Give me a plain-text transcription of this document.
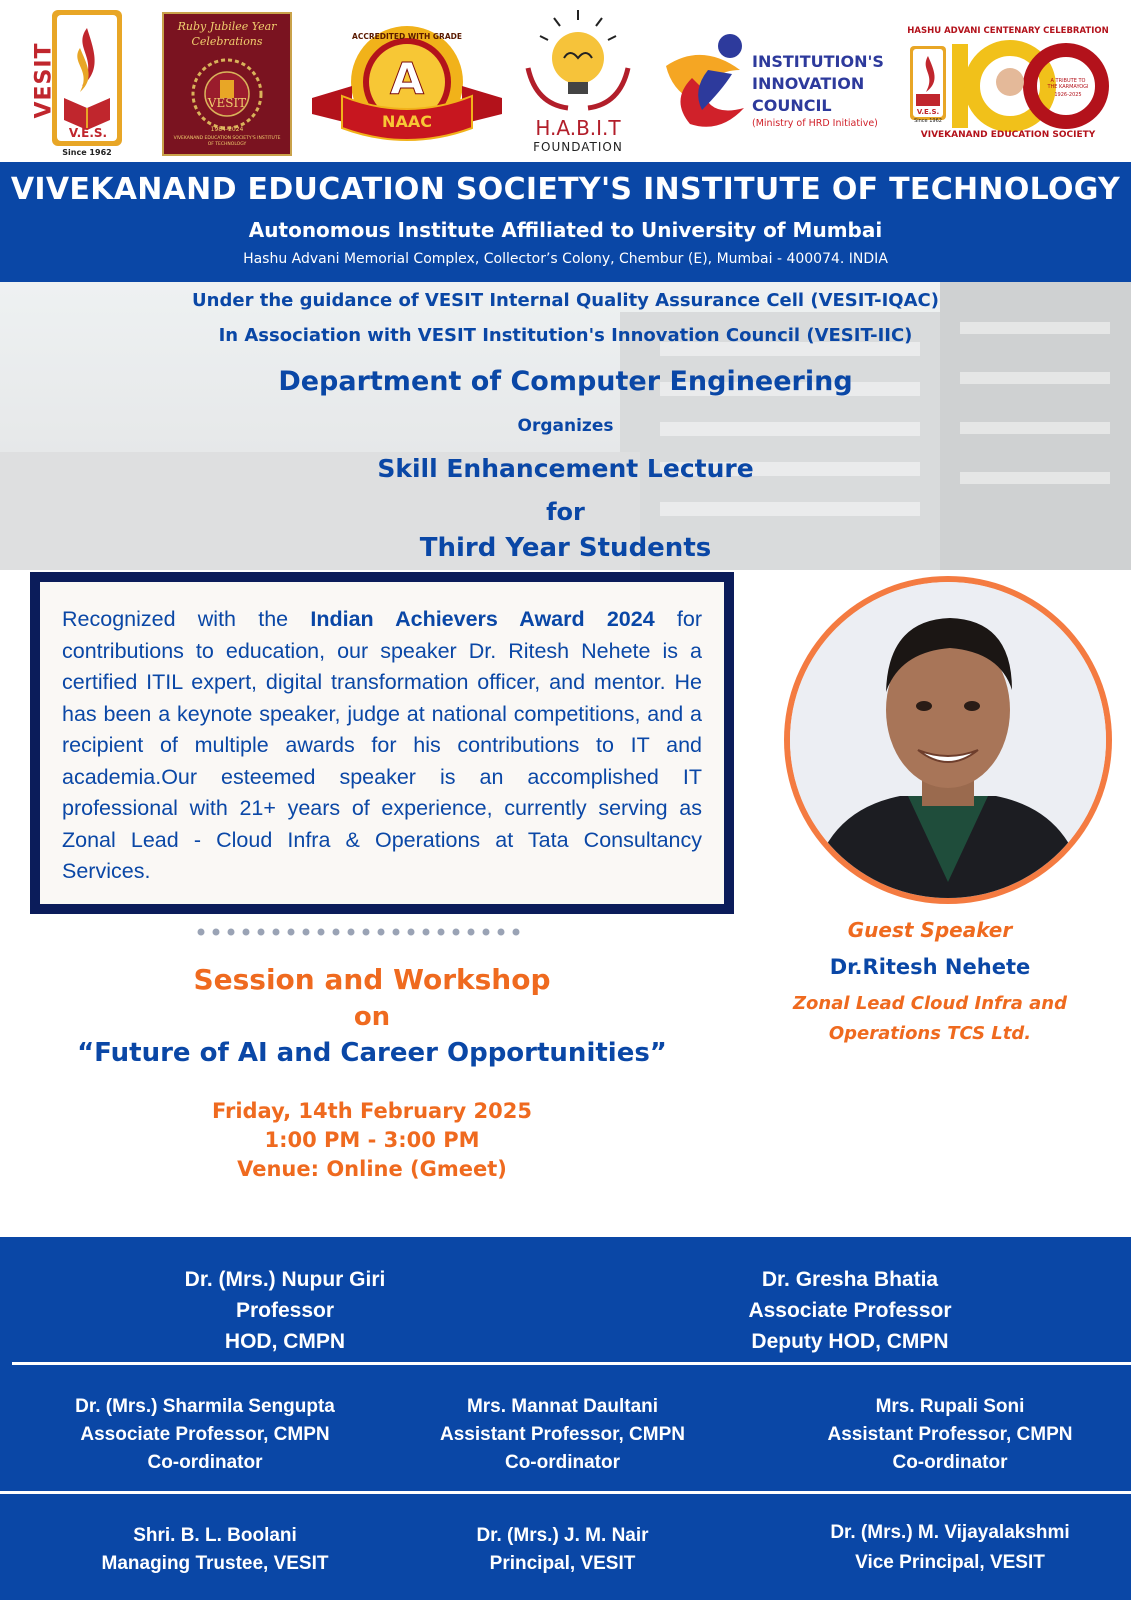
VESIT
V.E.S.
Since 1962
Ruby Jubilee Year
Celebrations
VESIT
1984-2024
VIVEKANAND EDUCATION SOCIETY'S INSTITUTE OF TECHNOLOGY
ACCREDITED WITH GRADE
A
NAAC	H.A.B.I.T
FOUNDATION
INSTITUTION'S
INNOVATION
COUNCIL
(Ministry of HRD Initiative)
HASHU ADVANI CENTENARY CELEBRATION
A TRIBUTE TO THE KARMAYOGI
1926-2025
V.E.S.
Since 1962
VIVEKANAND EDUCATION SOCIETY
VIVEKANAND EDUCATION SOCIETY'S INSTITUTE OF TECHNOLOGY
Autonomous Institute Affiliated to University of Mumbai
Hashu Advani Memorial Complex, Collector’s Colony, Chembur (E), Mumbai - 400074. INDIA
Under the guidance of VESIT Internal Quality Assurance Cell (VESIT-IQAC)
In Association with VESIT Institution's Innovation Council (VESIT-IIC)
Department of Computer Engineering
Organizes
Skill Enhancement Lecture
for
Third Year Students
Recognized with the Indian Achievers Award 2024 for contributions to education, our speaker Dr. Ritesh Nehete is a certified ITIL expert, digital transformation officer, and mentor. He has been a keynote speaker, judge at national competitions, and a recipient of multiple awards for his contributions to IT and academia.Our esteemed speaker is an accomplished IT professional with 21+ years of experience, currently serving as Zonal Lead - Cloud Infra & Operations at Tata Consultancy Services.
Guest Speaker
Dr.Ritesh Nehete
Zonal Lead Cloud Infra and
Operations TCS Ltd.
Session and Workshop
on
“Future of AI and Career Opportunities”
Friday, 14th February 2025
1:00 PM - 3:00 PM
Venue: Online (Gmeet)
Dr. (Mrs.) Nupur Giri
Professor
HOD, CMPN
Dr. Gresha Bhatia
Associate Professor
Deputy HOD, CMPN
Dr. (Mrs.) Sharmila Sengupta
Associate Professor, CMPN
Co-ordinator
Mrs. Mannat Daultani
Assistant Professor, CMPN
Co-ordinator
Mrs. Rupali Soni
Assistant Professor, CMPN
Co-ordinator
Shri. B. L. Boolani
Managing Trustee, VESIT
Dr. (Mrs.) J. M. Nair
Principal, VESIT
Dr. (Mrs.) M. Vijayalakshmi
Vice Principal, VESIT
